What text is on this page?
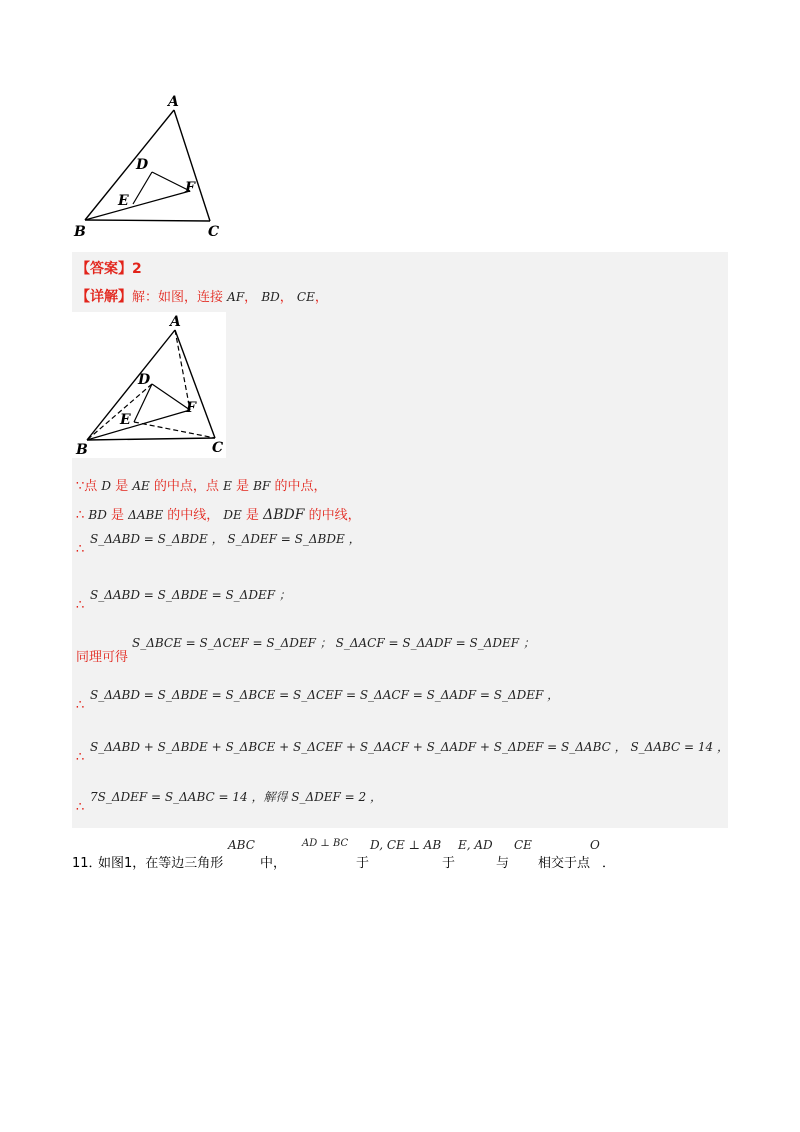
A
B	C
D
E
F
【答案】2
【详解】解：如图，连接 AF， BD， CE，
A
B	C
D
E
F
∵点 D 是 AE 的中点，点 E 是 BF 的中点，
∴ BD 是 ΔABE 的中线， DE 是 ΔBDF 的中线，
∴
S_ΔABD = S_ΔBDE ， S_ΔDEF = S_ΔBDE ，
∴
S_ΔABD = S_ΔBDE = S_ΔDEF ；
同理可得
S_ΔBCE = S_ΔCEF = S_ΔDEF ； S_ΔACF = S_ΔADF = S_ΔDEF ；
∴
S_ΔABD = S_ΔBDE = S_ΔBCE = S_ΔCEF = S_ΔACF = S_ΔADF = S_ΔDEF ，
∴
S_ΔABD + S_ΔBDE + S_ΔBCE + S_ΔCEF + S_ΔACF + S_ΔADF + S_ΔDEF = S_ΔABC ， S_ΔABC = 14 ，
∴
7S_ΔDEF = S_ΔABC = 14 ，解得 S_ΔDEF = 2 ，
11．
如图1，在等边三角形
ABC
中，
AD ⊥ BC
于
D, CE ⊥ AB
于
E, AD
与
CE
相交于点
O
．
